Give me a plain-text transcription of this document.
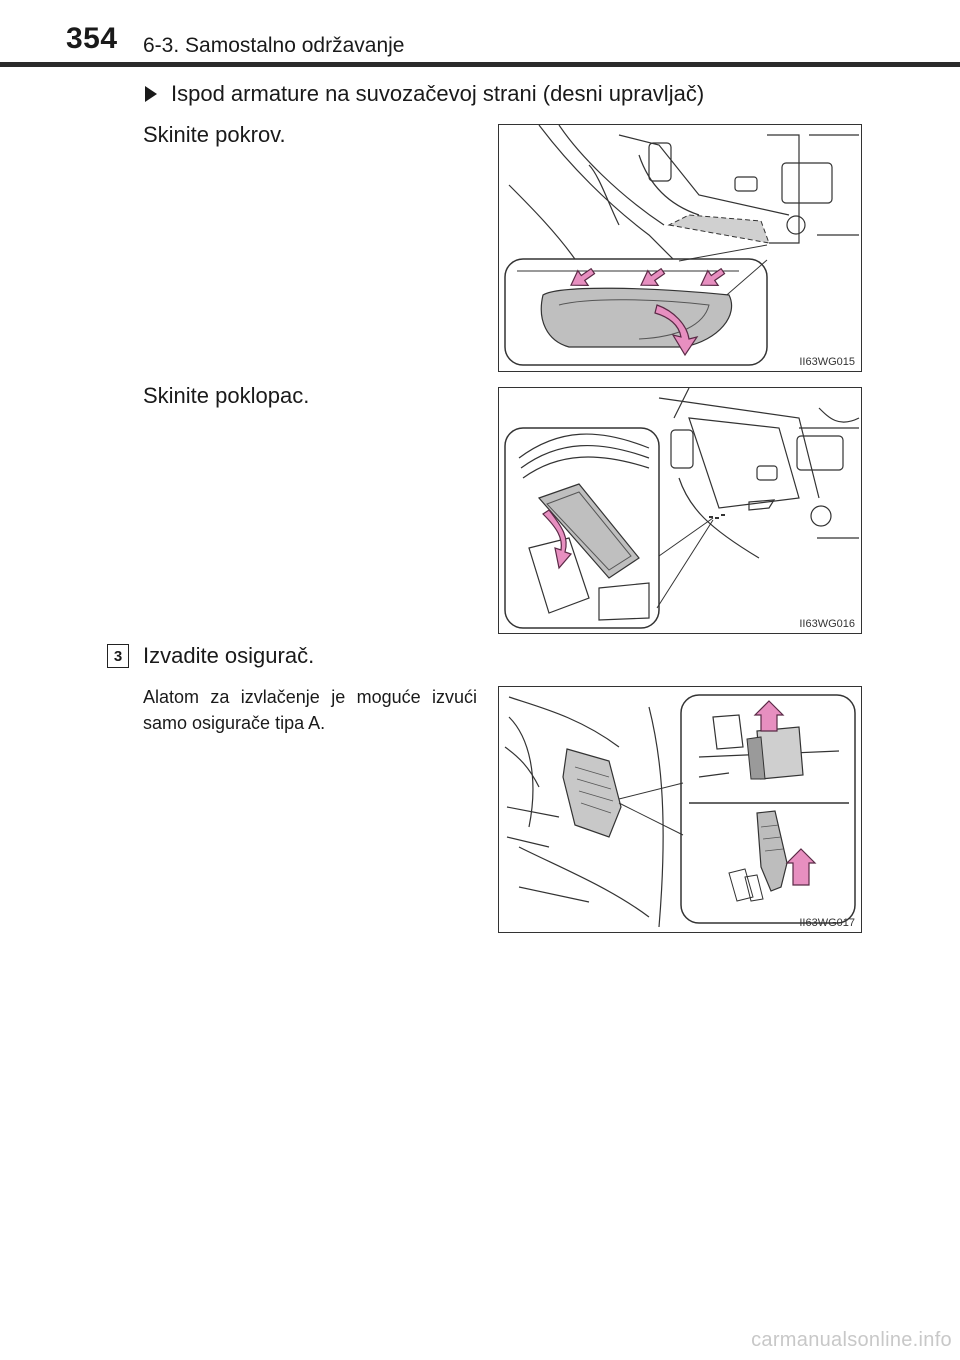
354 6-3. Samostalno održavanje
Ispod armature na suvozačevoj strani (desni upravljač)
Skinite pokrov.
II63WG015
Skinite poklopac.
II63WG016
3 Izvadite osigurač.
Alatom za izvlačenje je moguće izvući samo osigurače tipa A.
II63WG017
carmanualsonline.info
